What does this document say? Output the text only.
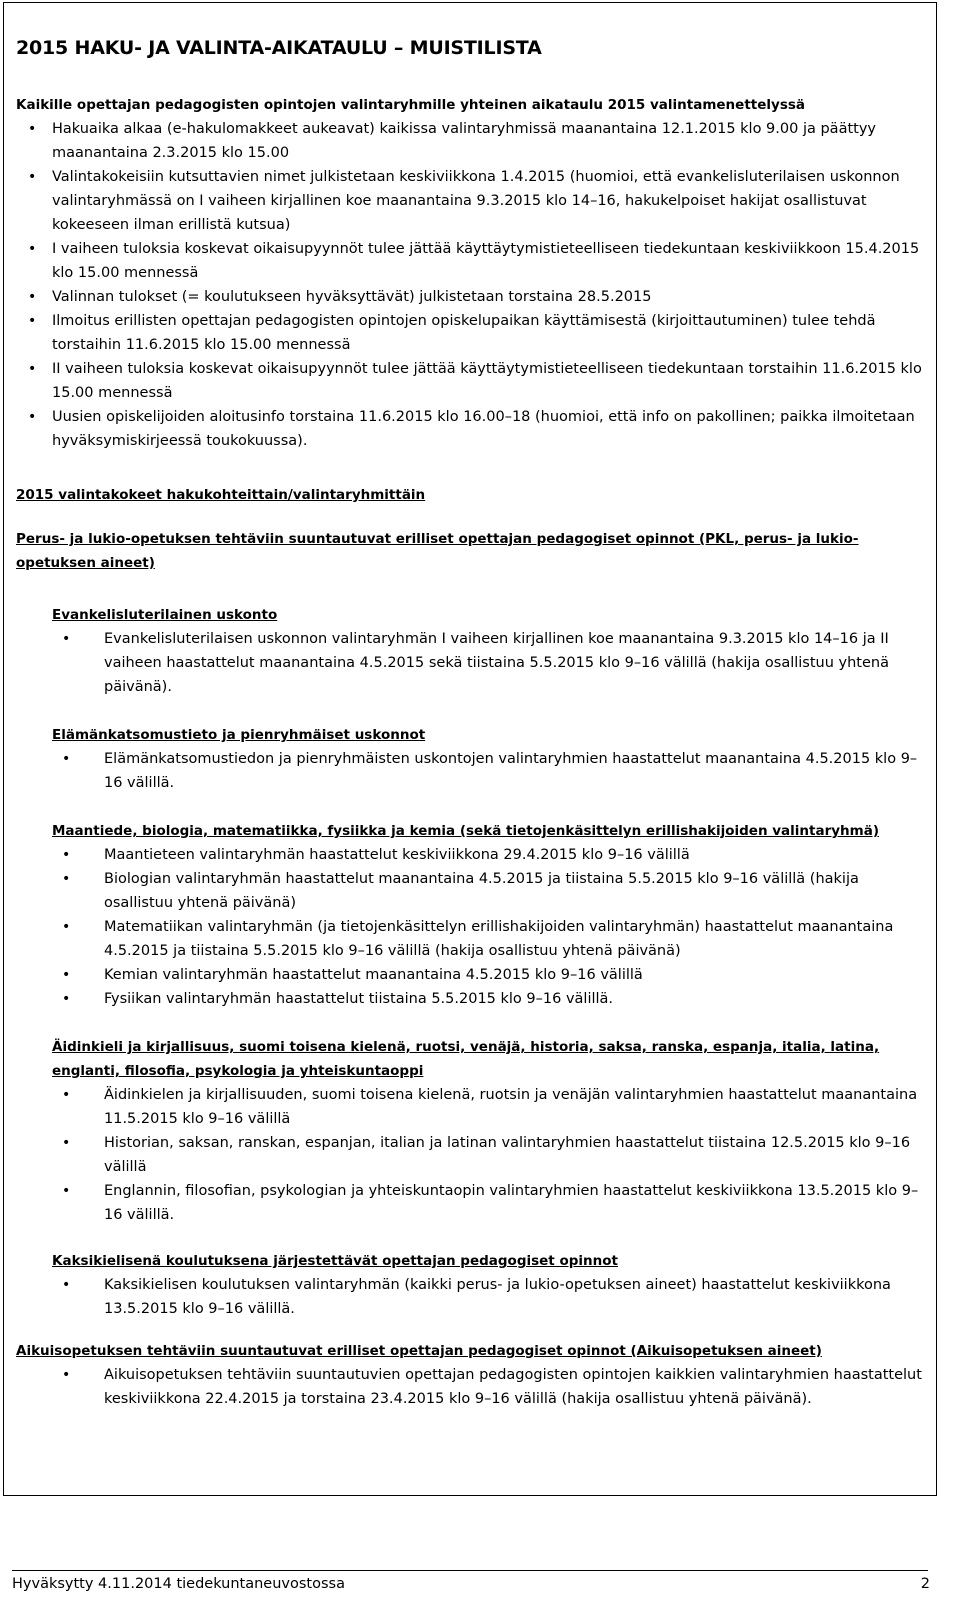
2015 HAKU- JA VALINTA-AIKATAULU – MUISTILISTA

Kaikille opettajan pedagogisten opintojen valintaryhmille yhteinen aikataulu 2015 valintamenettelyssä

• Hakuaika alkaa (e-hakulomakkeet aukeavat) kaikissa valintaryhmissä maanantaina 12.1.2015 klo 9.00 ja päättyy maanantaina 2.3.2015 klo 15.00
• Valintakokeisiin kutsuttavien nimet julkistetaan keskiviikkona 1.4.2015 (huomioi, että evankelisluterilaisen uskonnon valintaryhmässä on I vaiheen kirjallinen koe maanantaina 9.3.2015 klo 14–16, hakukelpoiset hakijat osallistuvat kokeeseen ilman erillistä kutsua)
• I vaiheen tuloksia koskevat oikaisupyynnöt tulee jättää käyttäytymistieteelliseen tiedekuntaan keskiviikkoon 15.4.2015 klo 15.00 mennessä
• Valinnan tulokset (= koulutukseen hyväksyttävät) julkistetaan torstaina 28.5.2015
• Ilmoitus erillisten opettajan pedagogisten opintojen opiskelupaikan käyttämisestä (kirjoittautuminen) tulee tehdä torstaihin 11.6.2015 klo 15.00 mennessä
• II vaiheen tuloksia koskevat oikaisupyynnöt tulee jättää käyttäytymistieteelliseen tiedekuntaan torstaihin 11.6.2015 klo 15.00 mennessä
• Uusien opiskelijoiden aloitusinfo torstaina 11.6.2015 klo 16.00–18 (huomioi, että info on pakollinen; paikka ilmoitetaan hyväksymiskirjeessä toukokuussa).

2015 valintakokeet hakukohteittain/valintaryhmittäin

Perus- ja lukio-opetuksen tehtäviin suuntautuvat erilliset opettajan pedagogiset opinnot (PKL, perus- ja lukio-opetuksen aineet)

Evankelisluterilainen uskonto

• Evankelisluterilaisen uskonnon valintaryhmän I vaiheen kirjallinen koe maanantaina 9.3.2015 klo 14–16 ja II vaiheen haastattelut maanantaina 4.5.2015 sekä tiistaina 5.5.2015 klo 9–16 välillä (hakija osallistuu yhtenä päivänä).

Elämänkatsomustieto ja pienryhmäiset uskonnot

• Elämänkatsomustiedon ja pienryhmäisten uskontojen valintaryhmien haastattelut maanantaina 4.5.2015 klo 9–16 välillä.

Maantiede, biologia, matematiikka, fysiikka ja kemia (sekä tietojenkäsittelyn erillishakijoiden valintaryhmä)

• Maantieteen valintaryhmän haastattelut keskiviikkona 29.4.2015 klo 9–16 välillä
• Biologian valintaryhmän haastattelut maanantaina 4.5.2015 ja tiistaina 5.5.2015 klo 9–16 välillä (hakija osallistuu yhtenä päivänä)
• Matematiikan valintaryhmän (ja tietojenkäsittelyn erillishakijoiden valintaryhmän) haastattelut maanantaina 4.5.2015 ja tiistaina 5.5.2015 klo 9–16 välillä (hakija osallistuu yhtenä päivänä)
• Kemian valintaryhmän haastattelut maanantaina 4.5.2015 klo 9–16 välillä
• Fysiikan valintaryhmän haastattelut tiistaina 5.5.2015 klo 9–16 välillä.

Äidinkieli ja kirjallisuus, suomi toisena kielenä, ruotsi, venäjä, historia, saksa, ranska, espanja, italia, latina, englanti, filosofia, psykologia ja yhteiskuntaoppi

• Äidinkielen ja kirjallisuuden, suomi toisena kielenä, ruotsin ja venäjän valintaryhmien haastattelut maanantaina 11.5.2015 klo 9–16 välillä
• Historian, saksan, ranskan, espanjan, italian ja latinan valintaryhmien haastattelut tiistaina 12.5.2015 klo 9–16 välillä
• Englannin, filosofian, psykologian ja yhteiskuntaopin valintaryhmien haastattelut keskiviikkona 13.5.2015 klo 9–16 välillä.

Kaksikielisenä koulutuksena järjestettävät opettajan pedagogiset opinnot

• Kaksikielisen koulutuksen valintaryhmän (kaikki perus- ja lukio-opetuksen aineet) haastattelut keskiviikkona 13.5.2015 klo 9–16 välillä.

Aikuisopetuksen tehtäviin suuntautuvat erilliset opettajan pedagogiset opinnot (Aikuisopetuksen aineet)

• Aikuisopetuksen tehtäviin suuntautuvien opettajan pedagogisten opintojen kaikkien valintaryhmien haastattelut keskiviikkona 22.4.2015 ja torstaina 23.4.2015 klo 9–16 välillä (hakija osallistuu yhtenä päivänä).
Hyväksytty 4.11.2014 tiedekuntaneuvostossa	2
